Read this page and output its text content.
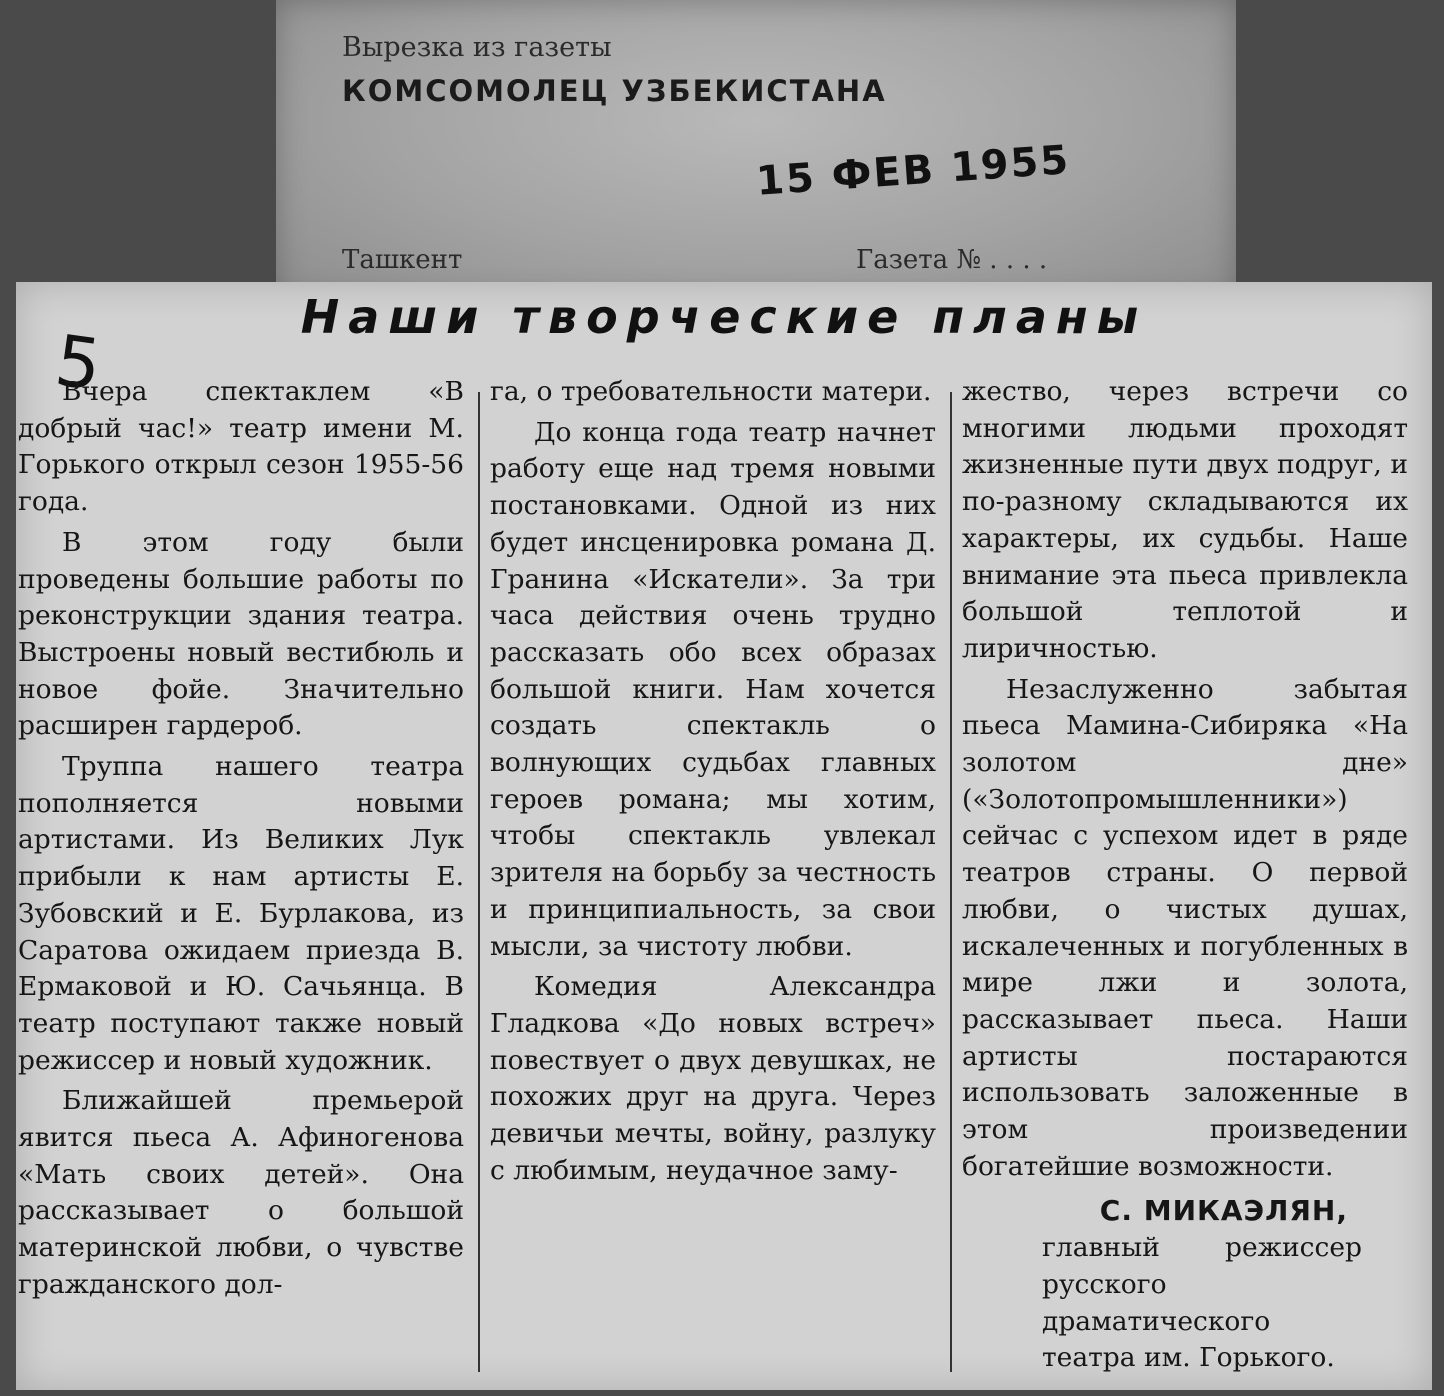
Вырезка из газеты
КОМСОМОЛЕЦ УЗБЕКИСТАНА
15 ФЕВ 1955
Ташкент	Газета № . . . .
5
Наши творческие планы

Вчера спектаклем «В добрый час!» театр имени М. Горького открыл сезон 1955-56 года.

В этом году были проведены большие работы по реконструкции здания театра. Выстроены новый вестибюль и новое фойе. Значительно расширен гардероб.

Труппа нашего театра пополняется новыми артистами. Из Великих Лук прибыли к нам артисты Е. Зубовский и Е. Бурлакова, из Саратова ожидаем приезда В. Ермаковой и Ю. Сачьянца. В театр поступают также новый режиссер и новый художник.

Ближайшей премьерой явится пьеса А. Афиногенова «Мать своих детей». Она рассказывает о большой материнской любви, о чувстве гражданского дол-

га, о требовательности матери.

До конца года театр начнет работу еще над тремя новыми постановками. Одной из них будет инсценировка романа Д. Гранина «Искатели». За три часа действия очень трудно рассказать обо всех образах большой книги. Нам хочется создать спектакль о волнующих судьбах главных героев романа; мы хотим, чтобы спектакль увлекал зрителя на борьбу за честность и принципиальность, за свои мысли, за чистоту любви.

Комедия Александра Гладкова «До новых встреч» повествует о двух девушках, не похожих друг на друга. Через девичьи мечты, войну, разлуку с любимым, неудачное заму-

жество, через встречи со многими людьми проходят жизненные пути двух подруг, и по-разному складываются их характеры, их судьбы. Наше внимание эта пьеса привлекла большой теплотой и лиричностью.

Незаслуженно забытая пьеса Мамина-Сибиряка «На золотом дне» («Золотопромышленники») сейчас с успехом идет в ряде театров страны. О первой любви, о чистых душах, искалеченных и погубленных в мире лжи и золота, рассказывает пьеса. Наши артисты постараются использовать заложенные в этом произведении богатейшие возможности.

С. МИКАЭЛЯН,
главный режиссер русского драматического театра им. Горького.
